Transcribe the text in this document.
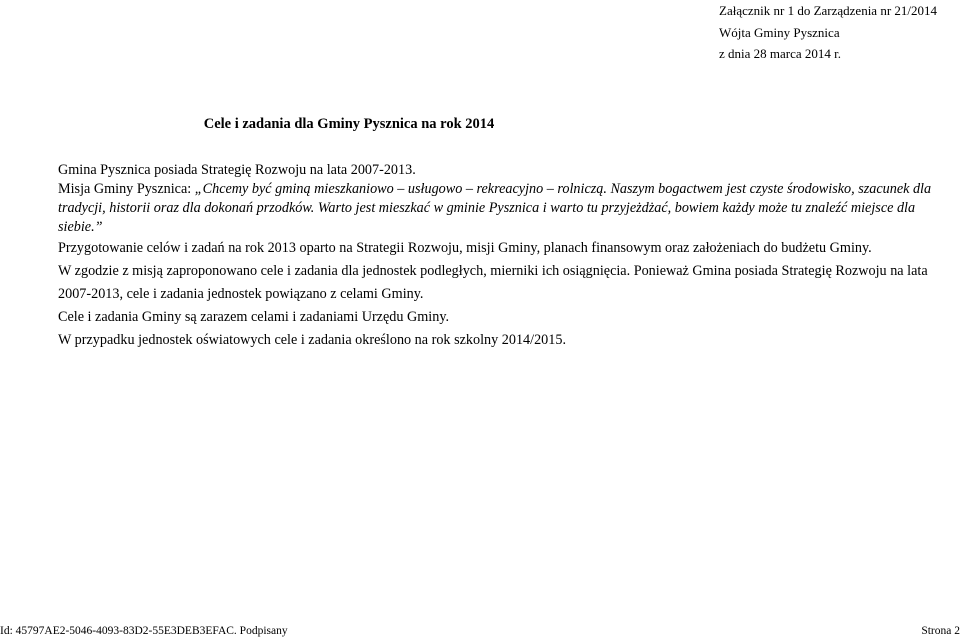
Załącznik nr 1 do Zarządzenia nr 21/2014
Wójta Gminy Pysznica
z dnia 28 marca 2014 r.
Cele i zadania dla Gminy Pysznica na rok 2014

Gmina Pysznica posiada Strategię Rozwoju na lata 2007-2013.

Misja Gminy Pysznica: „Chcemy być gminą mieszkaniowo – usługowo – rekreacyjno – rolniczą. Naszym bogactwem jest czyste środowisko, szacunek dla tradycji, historii oraz dla dokonań przodków. Warto jest mieszkać w gminie Pysznica i warto tu przyjeżdżać, bowiem każdy może tu znaleźć miejsce dla siebie.”

Przygotowanie celów i zadań na rok 2013 oparto na Strategii Rozwoju, misji Gminy, planach finansowym oraz założeniach do budżetu Gminy.

W zgodzie z misją zaproponowano cele i zadania dla jednostek podległych, mierniki ich osiągnięcia. Ponieważ Gmina posiada Strategię Rozwoju na lata 2007-2013, cele i zadania jednostek powiązano z celami Gminy.

Cele i zadania Gminy są zarazem celami i zadaniami Urzędu Gminy.

W przypadku jednostek oświatowych cele i zadania określono na rok szkolny 2014/2015.

Id: 45797AE2-5046-4093-83D2-55E3DEB3EFAC. Podpisany	Strona 2
